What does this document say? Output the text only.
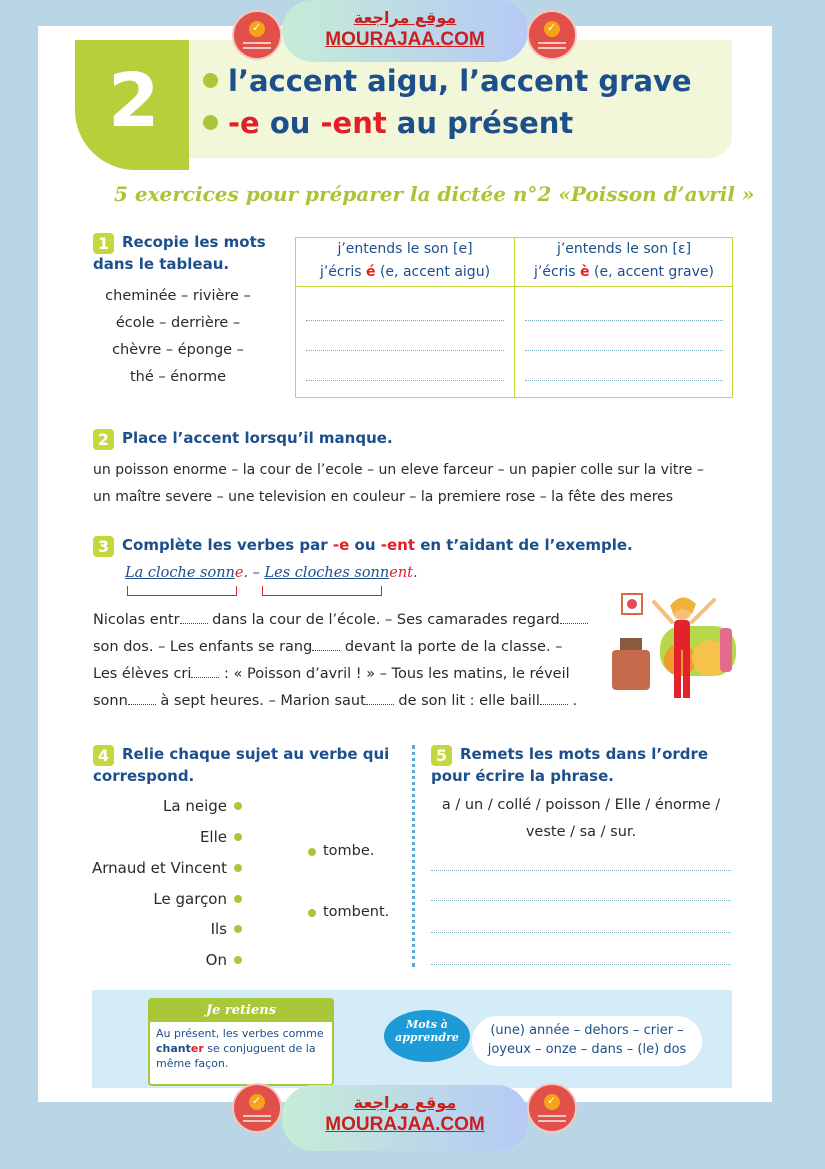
2	l’accent aigu, l’accent grave
-e ou -ent au présent
موقع مراجعة
MOURAJAA.COM
✓
✓
5 exercices pour préparer la dictée n°2 «Poisson d’avril »
1 Recopie les mots dans le tableau.
cheminée – rivière –
école – derrière –
chèvre – éponge –
thé – énorme
j’entends le son [e]
j’écris é (e, accent aigu)
j’entends le son [ɛ]
j’écris è (e, accent grave)
2 Place l’accent lorsqu’il manque.
un poisson enorme – la cour de l’ecole – un eleve farceur – un papier colle sur la vitre –
un maître severe – une television en couleur – la premiere rose – la fête des meres
3 Complète les verbes par -e ou -ent en t’aidant de l’exemple.
La cloche sonne. – Les cloches sonnent.
Nicolas entr dans la cour de l’école. – Ses camarades regard
son dos. – Les enfants se rang devant la porte de la classe. –
Les élèves cri : « Poisson d’avril ! » – Tous les matins, le réveil
sonn à sept heures. – Marion saut de son lit : elle baill .
4 Relie chaque sujet au verbe qui correspond.
La neige
Elle
Arnaud et Vincent
Le garçon
Ils
On
tombe.
tombent.
5 Remets les mots dans l’ordre pour écrire la phrase.
a / un / collé / poisson / Elle / énorme /
veste / sa / sur.
Je retiens
Au présent, les verbes comme
chanter se conjuguent de la
même façon.
Mots à
apprendre	(une) année – dehors – crier –
joyeux – onze – dans – (le) dos
موقع مراجعة
MOURAJAA.COM
✓
✓
